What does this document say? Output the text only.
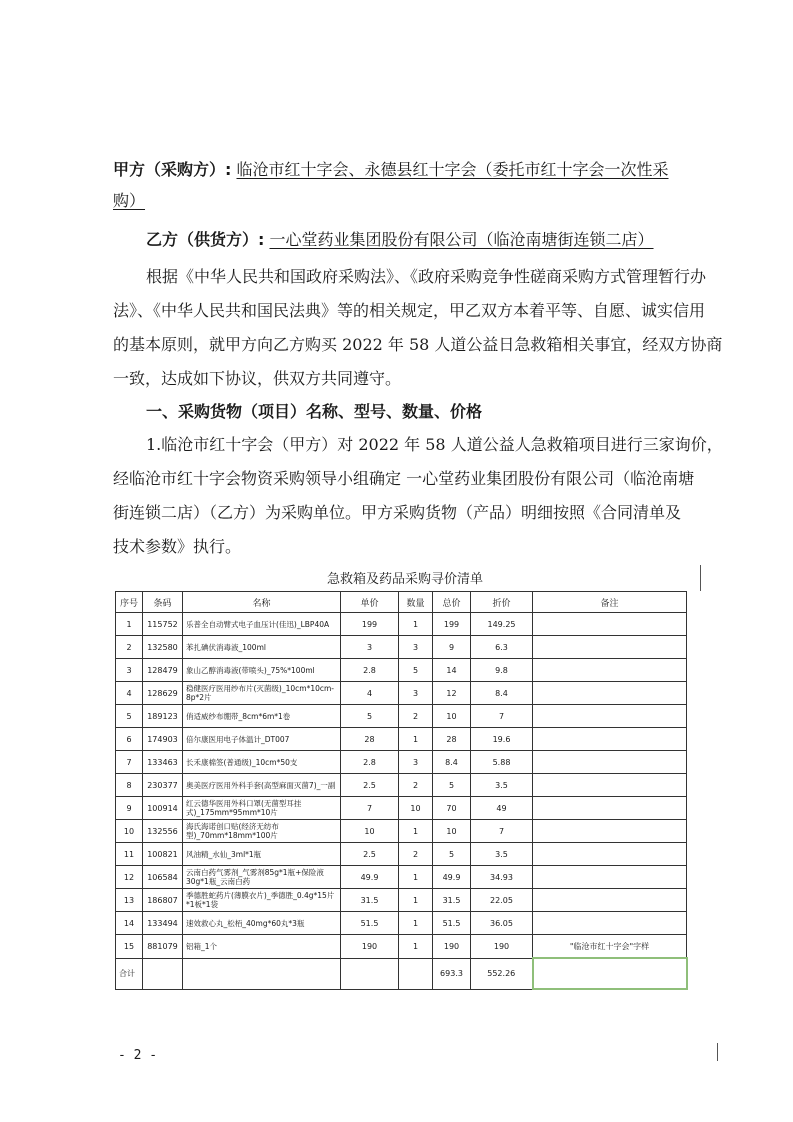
甲方（采购方）: 临沧市红十字会、永德县红十字会（委托市红十字会一次性采
购）
乙方（供货方）: 一心堂药业集团股份有限公司（临沧南塘街连锁二店）
根据《中华人民共和国政府采购法》、《政府采购竞争性磋商采购方式管理暂行办
法》、《中华人民共和国民法典》等的相关规定，甲乙双方本着平等、自愿、诚实信用
的基本原则，就甲方向乙方购买 2022 年 58 人道公益日急救箱相关事宜，经双方协商
一致，达成如下协议，供双方共同遵守。
一、采购货物（项目）名称、型号、数量、价格
1.临沧市红十字会（甲方）对 2022 年 58 人道公益人急救箱项目进行三家询价，
经临沧市红十字会物资采购领导小组确定 一心堂药业集团股份有限公司（临沧南塘
街连锁二店）（乙方）为采购单位。甲方采购货物（产品）明细按照《合同清单及
技术参数》执行。
急救箱及药品采购寻价清单
序号	条码	名称	单价	数量	总价	折价	备注
1	115752	乐普全自动臂式电子血压计(佳迅)_LBP40A	199	1	199	149.25	
2	132580	苯扎碘伏消毒液_100ml	3	3	9	6.3	
3	128479	象山乙醇消毒液(带喷头)_75%*100ml	2.8	5	14	9.8	
4	128629	稳健医疗医用纱布片(灭菌级)_10cm*10cm-8p*2片	4	3	12	8.4	
5	189123	俏适威纱布绷带_8cm*6m*1卷	5	2	10	7	
6	174903	倍尔康医用电子体温计_DT007	28	1	28	19.6	
7	133463	长禾康棉签(普通级)_10cm*50支	2.8	3	8.4	5.88	
8	230377	奥美医疗医用外科手套(高型麻面灭菌7)_一副	2.5	2	5	3.5	
9	100914	红云德华医用外科口罩(无菌型耳挂式)_175mm*95mm*10片	7	10	70	49	
10	132556	海氏海诺创口贴(经济无纺布型)_70mm*18mm*100片	10	1	10	7	
11	100821	风油精_水仙_3ml*1瓶	2.5	2	5	3.5	
12	106584	云南白药气雾剂_气雾剂85g*1瓶+保险液30g*1瓶_云南白药	49.9	1	49.9	34.93	
13	186807	季德胜蛇药片(薄膜衣片)_季德胜_0.4g*15片*1板*1袋	31.5	1	31.5	22.05	
14	133494	速效救心丸_松栢_40mg*60丸*3瓶	51.5	1	51.5	36.05	
15	881079	铝箱_1个	190	1	190	190	"临沧市红十字会"字样
合计					693.3	552.26	
- 2 -
